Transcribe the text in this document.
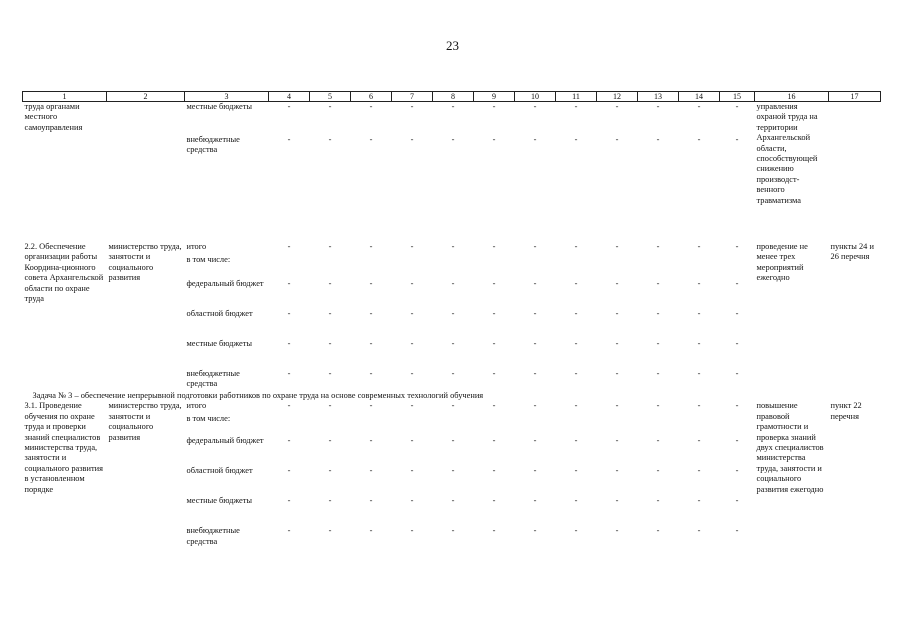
23
1	2	3	4	5	6	7	8	9	10	11	12	13	14	15	16	17
труда органами местного самоуправления		местные бюджеты	-	-	-	-	-	-	-	-	-	-	-	-	управления охраной труда на территории Архангельской области, способствующей снижению производст-венного травматизма	
		внебюджетные средства	-	-	-	-	-	-	-	-	-	-	-	-		
2.2. Обеспечение организации работы Координа-ционного совета Архангельской области по охране труда	министерство труда, занятости и социального развития	итого	-	-	-	-	-	-	-	-	-	-	-	-	проведение не менее трех мероприятий ежегодно	пункты 24 и 26 перечня
		в том числе:														
		федеральный бюджет	-	-	-	-	-	-	-	-	-	-	-	-		
		областной бюджет	-	-	-	-	-	-	-	-	-	-	-	-		
		местные бюджеты	-	-	-	-	-	-	-	-	-	-	-	-		
		внебюджетные средства	-	-	-	-	-	-	-	-	-	-	-	-		

Задача № 3 – обеспечение непрерывной подготовки работников по охране труда на основе современных технологий обучения																

3.1. Проведение обучения по охране труда и проверки знаний специалистов министерства труда, занятости и социального развития в установленном порядке	министерство труда, занятости и социального развития	итого	-	-	-	-	-	-	-	-	-	-	-	-	повышение правовой грамотности и проверка знаний двух специалистов министерства труда, занятости и социального развития ежегодно	пункт 22 перечня
		в том числе:														
		федеральный бюджет	-	-	-	-	-	-	-	-	-	-	-	-		
		областной бюджет	-	-	-	-	-	-	-	-	-	-	-	-		
		местные бюджеты	-	-	-	-	-	-	-	-	-	-	-	-		
		внебюджетные средства	-	-	-	-	-	-	-	-	-	-	-	-		
